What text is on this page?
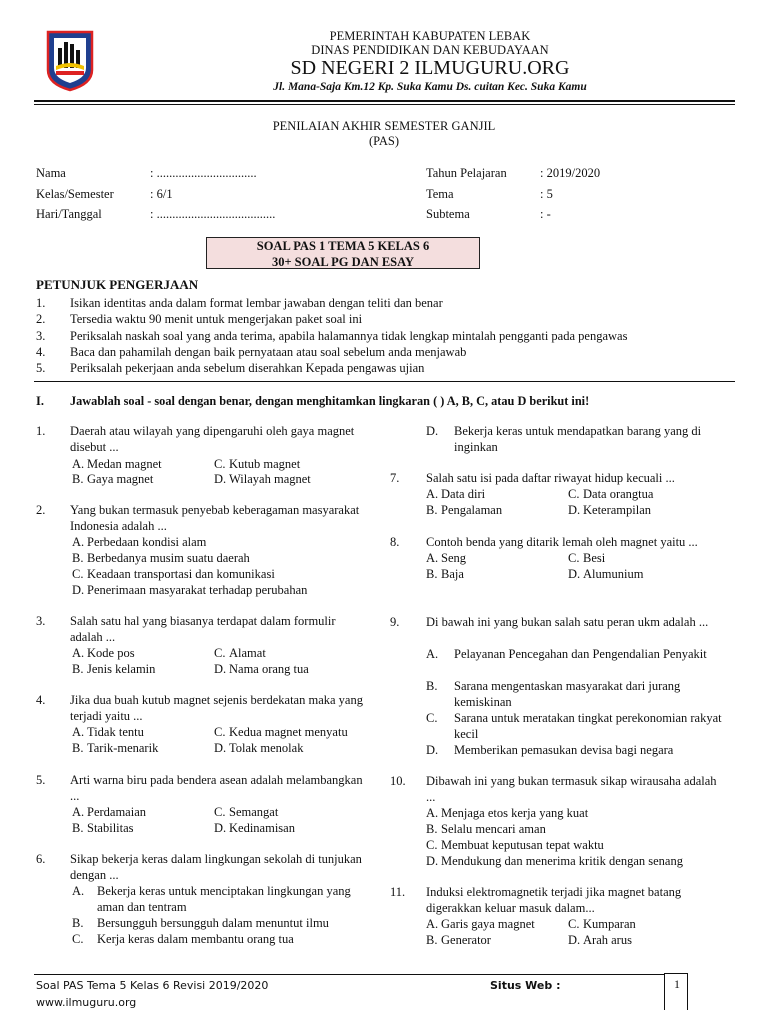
PEMERINTAH KABUPATEN LEBAK
DINAS PENDIDIKAN DAN KEBUDAYAAN
SD NEGERI 2 ILMUGURU.ORG
Jl. Mana-Saja Km.12 Kp. Suka Kamu Ds. cuitan Kec. Suka Kamu
PENILAIAN AKHIR SEMESTER GANJIL
(PAS)
Nama	: ................................
Kelas/Semester	: 6/1
Hari/Tanggal	: ......................................
Tahun Pelajaran	: 2019/2020
Tema	: 5
Subtema	: -
SOAL PAS 1 TEMA 5 KELAS 6
30+ SOAL PG DAN ESAY
PETUNJUK PENGERJAAN
1. Isikan identitas anda dalam format lembar jawaban dengan teliti dan benar
2. Tersedia waktu 90 menit untuk mengerjakan paket soal ini
3. Periksalah naskah soal yang anda terima, apabila halamannya tidak lengkap mintalah pengganti pada pengawas
4. Baca dan pahamilah dengan baik pernyataan atau soal sebelum anda menjawab
5. Periksalah pekerjaan anda sebelum diserahkan Kepada pengawas ujian
I. Jawablah soal - soal dengan benar, dengan menghitamkan lingkaran ( ) A, B, C, atau D berikut ini!
1. Daerah atau wilayah yang dipengaruhi oleh gaya magnet disebut ...
A. Medan magnet	C. Kutub magnet
B. Gaya magnet	D. Wilayah magnet
2. Yang bukan termasuk penyebab keberagaman masyarakat Indonesia adalah ...
A. Perbedaan kondisi alam
B. Berbedanya musim suatu daerah
C. Keadaan transportasi dan komunikasi
D. Penerimaan masyarakat terhadap perubahan
3. Salah satu hal yang biasanya terdapat dalam formulir adalah ...
A. Kode pos	C. Alamat
B. Jenis kelamin	D. Nama orang tua
4. Jika dua buah kutub magnet sejenis berdekatan maka yang terjadi yaitu ...
A. Tidak tentu	C. Kedua magnet menyatu
B. Tarik-menarik	D. Tolak menolak
5. Arti warna biru pada bendera asean adalah melambangkan ...
A. Perdamaian	C. Semangat
B. Stabilitas	D. Kedinamisan
6. Sikap bekerja keras dalam lingkungan sekolah di tunjukan dengan ...
A. Bekerja keras untuk menciptakan lingkungan yang aman dan tentram
B. Bersungguh bersungguh dalam menuntut ilmu
C. Kerja keras dalam membantu orang tua
D. Bekerja keras untuk mendapatkan barang yang di inginkan
7. Salah satu isi pada daftar riwayat hidup kecuali ...
A. Data diri	C. Data orangtua
B. Pengalaman	D. Keterampilan
8. Contoh benda yang ditarik lemah oleh magnet yaitu ...
A. Seng	C. Besi
B. Baja	D. Alumunium
9. Di bawah ini yang bukan salah satu peran ukm adalah ...
A. Pelayanan Pencegahan dan Pengendalian Penyakit
B. Sarana mengentaskan masyarakat dari jurang kemiskinan
C. Sarana untuk meratakan tingkat perekonomian rakyat kecil
D. Memberikan pemasukan devisa bagi negara
10. Dibawah ini yang bukan termasuk sikap wirausaha adalah ...
A. Menjaga etos kerja yang kuat
B. Selalu mencari aman
C. Membuat keputusan tepat waktu
D. Mendukung dan menerima kritik dengan senang
11. Induksi elektromagnetik terjadi jika magnet batang digerakkan keluar masuk dalam...
A. Garis gaya magnet	C. Kumparan
B. Generator	D. Arah arus
1
Soal PAS Tema 5 Kelas 6 Revisi 2019/2020
www.ilmuguru.org
Situs Web :
